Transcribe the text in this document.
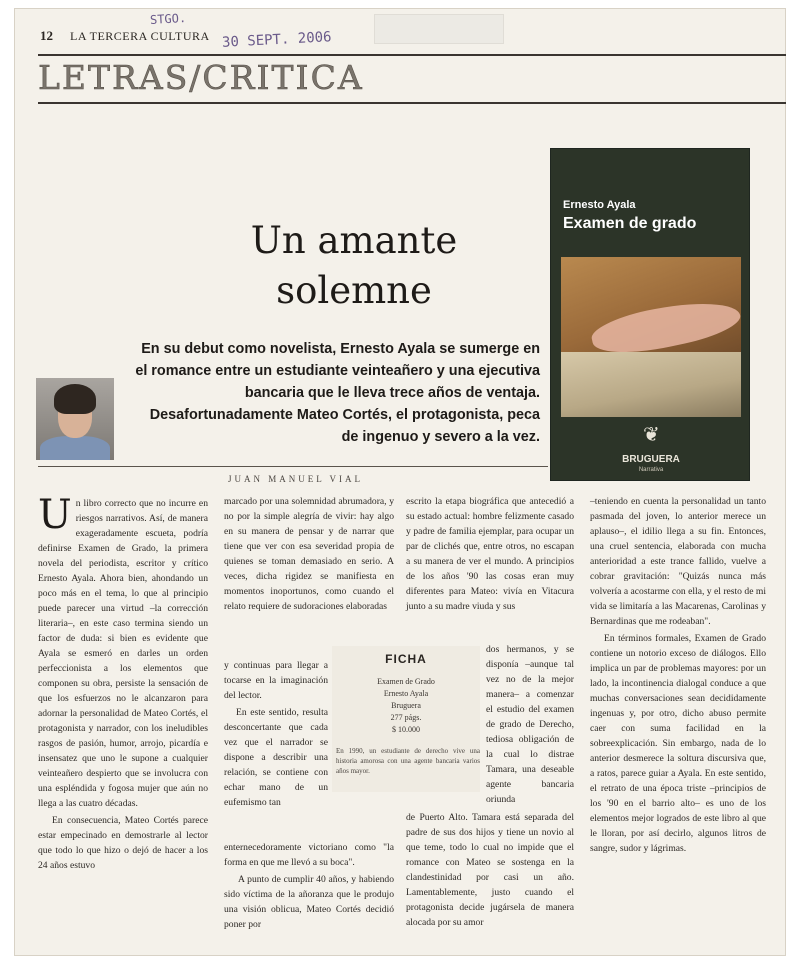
12 LA TERCERA CULTURA
STGO.
30 SEPT. 2006
LETRAS/CRITICA
Ernesto Ayala
Examen de grado
❦
BRUGUERA
Narrativa
Un amante
solemne
En su debut como novelista, Ernesto Ayala se sumerge en el romance entre un estudiante veinteañero y una ejecutiva bancaria que le lleva trece años de ventaja. Desafortunadamente Mateo Cortés, el protagonista, peca de ingenuo y severo a la vez.
JUAN MANUEL VIAL

Un libro correcto que no incurre en riesgos narrativos. Así, de manera exageradamente escueta, podría definirse Examen de Grado, la primera novela del periodista, escritor y crítico Ernesto Ayala. Ahora bien, ahondando un poco más en el tema, lo que al principio puede parecer una virtud –la corrección literaria–, en este caso termina siendo un factor de duda: si bien es evidente que Ayala se esmeró en darles un orden perfeccionista a los elementos que componen su obra, persiste la sensación de que los esfuerzos no le alcanzaron para adornar la personalidad de Mateo Cortés, el protagonista y narrador, con los ineludibles rasgos de pasión, humor, arrojo, picardía e insensatez que uno le supone a cualquier veinteañero despierto que se involucra con una espléndida y fogosa mujer que aún no llega a las cuatro décadas.

En consecuencia, Mateo Cortés parece estar empecinado en demostrarle al lector que todo lo que hizo o dejó de hacer a los 24 años estuvo

marcado por una solemnidad abrumadora, y no por la simple alegría de vivir: hay algo en su manera de pensar y de narrar que tiene que ver con esa severidad propia de quienes se toman demasiado en serio. A veces, dicha rigidez se manifiesta en momentos inoportunos, como cuando el relato requiere de sudoraciones elaboradas

y continuas para llegar a tocarse en la imaginación del lector.

En este sentido, resulta desconcertante que cada vez que el narrador se dispone a describir una relación, se contiene con echar mano de un eufemismo tan

enternecedoramente victoriano como "la forma en que me llevó a su boca".

A punto de cumplir 40 años, y habiendo sido víctima de la añoranza que le produjo una visión oblicua, Mateo Cortés decidió poner por

escrito la etapa biográfica que antecedió a su estado actual: hombre felizmente casado y padre de familia ejemplar, para ocupar un par de clichés que, entre otros, no escapan a su manera de ver el mundo. A principios de los años '90 las cosas eran muy diferentes para Mateo: vivía en Vitacura junto a su madre viuda y sus

dos hermanos, y se disponía –aunque tal vez no de la mejor manera– a comenzar el estudio del examen de grado de Derecho, tediosa obligación de la cual lo distrae Tamara, una deseable agente bancaria oriunda

de Puerto Alto. Tamara está separada del padre de sus dos hijos y tiene un novio al que teme, todo lo cual no impide que el romance con Mateo se sostenga en la clandestinidad por casi un año. Lamentablemente, justo cuando el protagonista decide jugársela de manera alocada por su amor

–teniendo en cuenta la personalidad un tanto pasmada del joven, lo anterior merece un aplauso–, el idilio llega a su fin. Entonces, una cruel sentencia, elaborada con mucha anterioridad a este trance fallido, vuelve a cobrar gravitación: "Quizás nunca más volvería a acostarme con ella, y el resto de mi vida se limitaría a las Macarenas, Carolinas y Bernardinas que me rodeaban".

En términos formales, Examen de Grado contiene un notorio exceso de diálogos. Ello implica un par de problemas mayores: por un lado, la incontinencia dialogal conduce a que muchas conversaciones sean decididamente ingenuas y, por otro, dicho abuso permite caer con suma facilidad en la sobreexplicación. Sin embargo, nada de lo anterior desmerece la soltura discursiva que, a ratos, parece guiar a Ayala. En este sentido, el retrato de una época triste –principios de los '90 en el barrio alto– es uno de los elementos mejor logrados de este libro al que le lloran, por así decirlo, algunos litros de sangre, sudor y lágrimas.

FICHA
Examen de Grado
Ernesto Ayala
Bruguera
277 págs.
$ 10.000
En 1990, un estudiante de derecho vive una historia amorosa con una agente bancaria varios años mayor.
